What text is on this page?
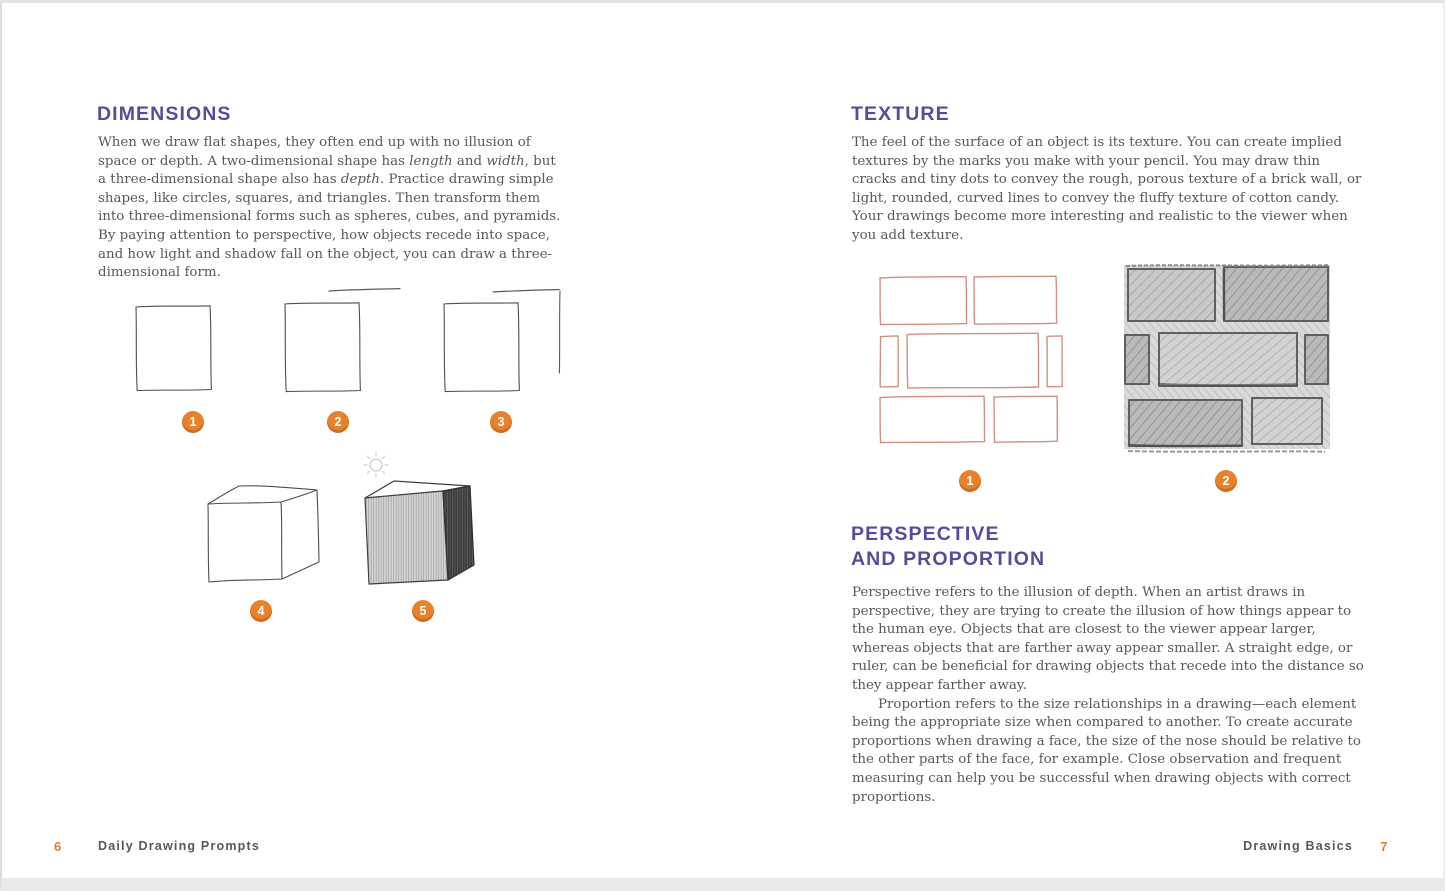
DIMENSIONS
When we draw flat shapes, they often end up with no illusion of space or depth. A two-dimensional shape has length and width, but a three-dimensional shape also has depth. Practice drawing simple shapes, like circles, squares, and triangles. Then transform them into three-dimensional forms such as spheres, cubes, and pyramids. By paying attention to perspective, how objects recede into space, and how light and shadow fall on the object, you can draw a three-dimensional form.
1	2	3
4	5
TEXTURE
The feel of the surface of an object is its texture. You can create implied textures by the marks you make with your pencil. You may draw thin cracks and tiny dots to convey the rough, porous texture of a brick wall, or light, rounded, curved lines to convey the fluffy texture of cotton candy. Your drawings become more interesting and realistic to the viewer when you add texture.
1	2
PERSPECTIVE
AND PROPORTION

Perspective refers to the illusion of depth. When an artist draws in perspective, they are trying to create the illusion of how things appear to the human eye. Objects that are closest to the viewer appear larger, whereas objects that are farther away appear smaller. A straight edge, or ruler, can be beneficial for drawing objects that recede into the distance so they appear farther away.

Proportion refers to the size relationships in a drawing—each element being the appropriate size when compared to another. To create accurate proportions when drawing a face, the size of the nose should be relative to the other parts of the face, for example. Close observation and frequent measuring can help you be successful when drawing objects with correct proportions.

6	Daily Drawing Prompts	Drawing Basics 7
